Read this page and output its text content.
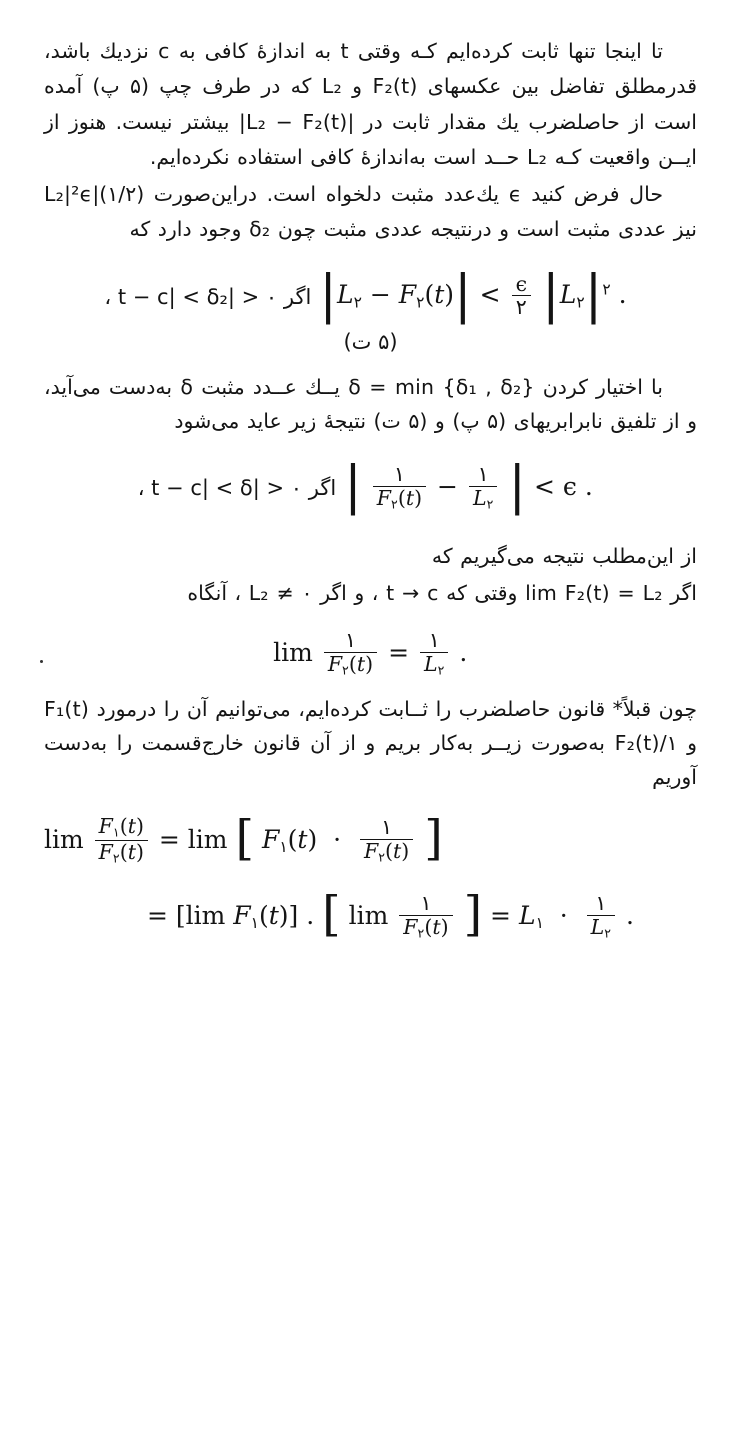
تا اینجا تنها ثابت کرده‌ایم کـه وقتی t به اندازۀ کافی به c نزدیك باشد، قدرمطلق تفاضل بین عکسهای ‌F₂(t) و L₂ که در طرف چپ (۵ پ) آمده است از حاصلضرب یك مقدار ثابت در |L₂ − F₂(t)| بیشتر نیست. هنوز از ایــن واقعیت کـه L₂ حــد است به‌اندازۀ کافی استفاده نکرده‌ایم.

حال فرض کنید ϵ یك‌عدد مثبت دلخواه است. دراین‌صورت (۱/۲)|L₂|²ϵ نیز عددی مثبت است و درنتیجه عددی مثبت چون δ₂ وجود دارد که

اگر ۰ < |t − c| < δ₂ ، $|L_۲ - F_۲(t)| < \frac{\epsilon}{۲} |L_۲|^۲$ .
(۵ ت)

با اختیار کردن δ = min {δ₁ , δ₂} یــك عــدد مثبت δ به‌دست می‌آید، و از تلفیق نابرابریهای (۵ پ) و (۵ ت) نتیجۀ زیر عاید می‌شود

اگر ۰ < |t − c| < δ ، | $\frac{۱}{F_۲(t)} - \frac{۱}{L_۲}$ | < ϵ .

از این‌مطلب نتیجه می‌گیریم که

اگر lim F₂(t) = L₂ وقتی که t → c ، و اگر L₂ ≠ ۰ ، آنگاه

$\lim \frac{۱}{F_۲(t)} = \frac{۱}{L_۲}$ .

چون قبلاً* قانون حاصلضرب را ثــابت کرده‌ایم، می‌توانیم آن را درمورد F₁(t) و ۱/F₂(t) به‌صورت زیــر به‌کار بریم و از آن قانون خارج‌قسمت را به‌دست آوریم

$\lim \frac{F_۱(t)}{F_۲(t)} = \lim$ [ $F_۱(t) \cdot \frac{۱}{F_۲(t)}$ ]
= [lim $F_۱(t)$] . [ $\lim \frac{۱}{F_۲(t)}$ ] = $L_۱ \cdot \frac{۱}{L_۲}$ .
